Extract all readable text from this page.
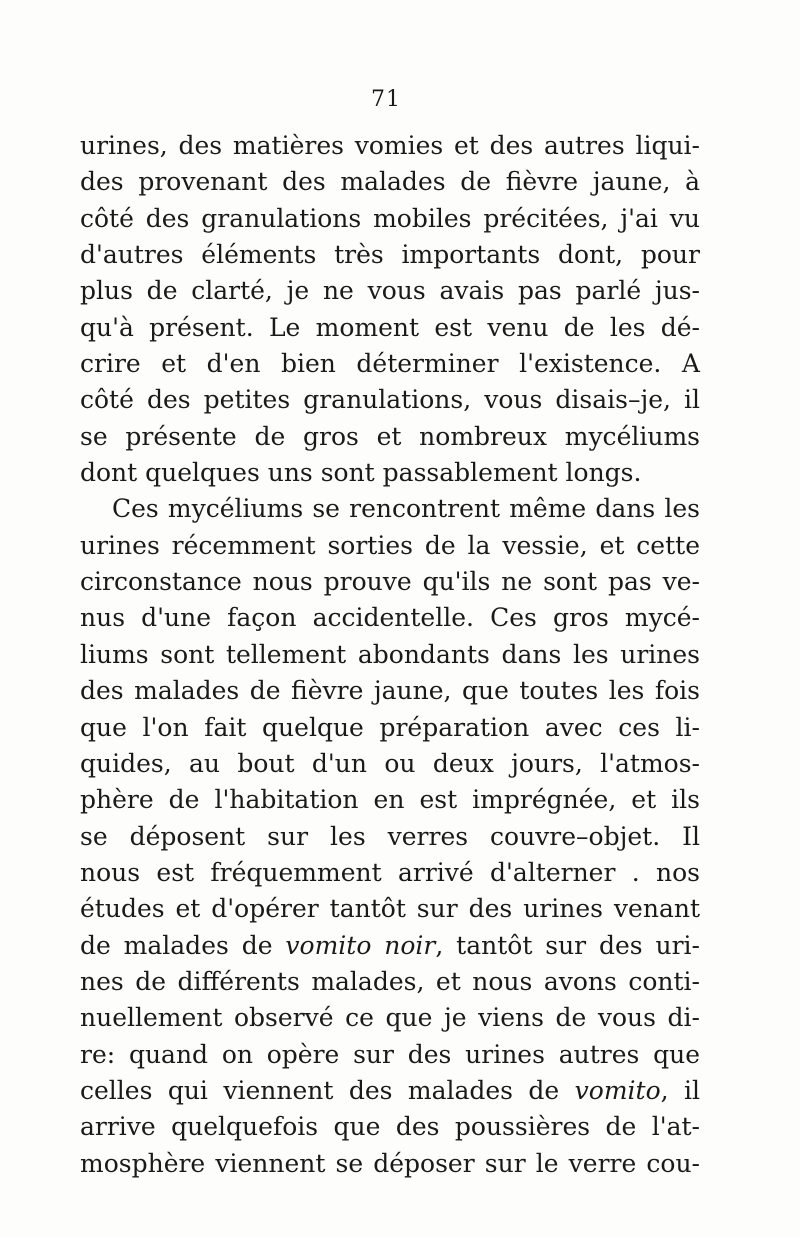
71
urines, des matières vomies et des autres liqui-
des provenant des malades de fièvre jaune, à
côté des granulations mobiles précitées, j'ai vu
d'autres éléments très importants dont, pour
plus de clarté, je ne vous avais pas parlé jus-
qu'à présent. Le moment est venu de les dé-
crire et d'en bien déterminer l'existence. A
côté des petites granulations, vous disais–je, il
se présente de gros et nombreux mycéliums
dont quelques uns sont passablement longs.
Ces mycéliums se rencontrent même dans les
urines récemment sorties de la vessie, et cette
circonstance nous prouve qu'ils ne sont pas ve-
nus d'une façon accidentelle. Ces gros mycé-
liums sont tellement abondants dans les urines
des malades de fièvre jaune, que toutes les fois
que l'on fait quelque préparation avec ces li-
quides, au bout d'un ou deux jours, l'atmos-
phère de l'habitation en est imprégnée, et ils
se déposent sur les verres couvre–objet. Il
nous est fréquemment arrivé d'alterner . nos
études et d'opérer tantôt sur des urines venant
de malades de vomito noir, tantôt sur des uri-
nes de différents malades, et nous avons conti-
nuellement observé ce que je viens de vous di-
re: quand on opère sur des urines autres que
celles qui viennent des malades de vomito, il
arrive quelquefois que des poussières de l'at-
mosphère viennent se déposer sur le verre cou-
